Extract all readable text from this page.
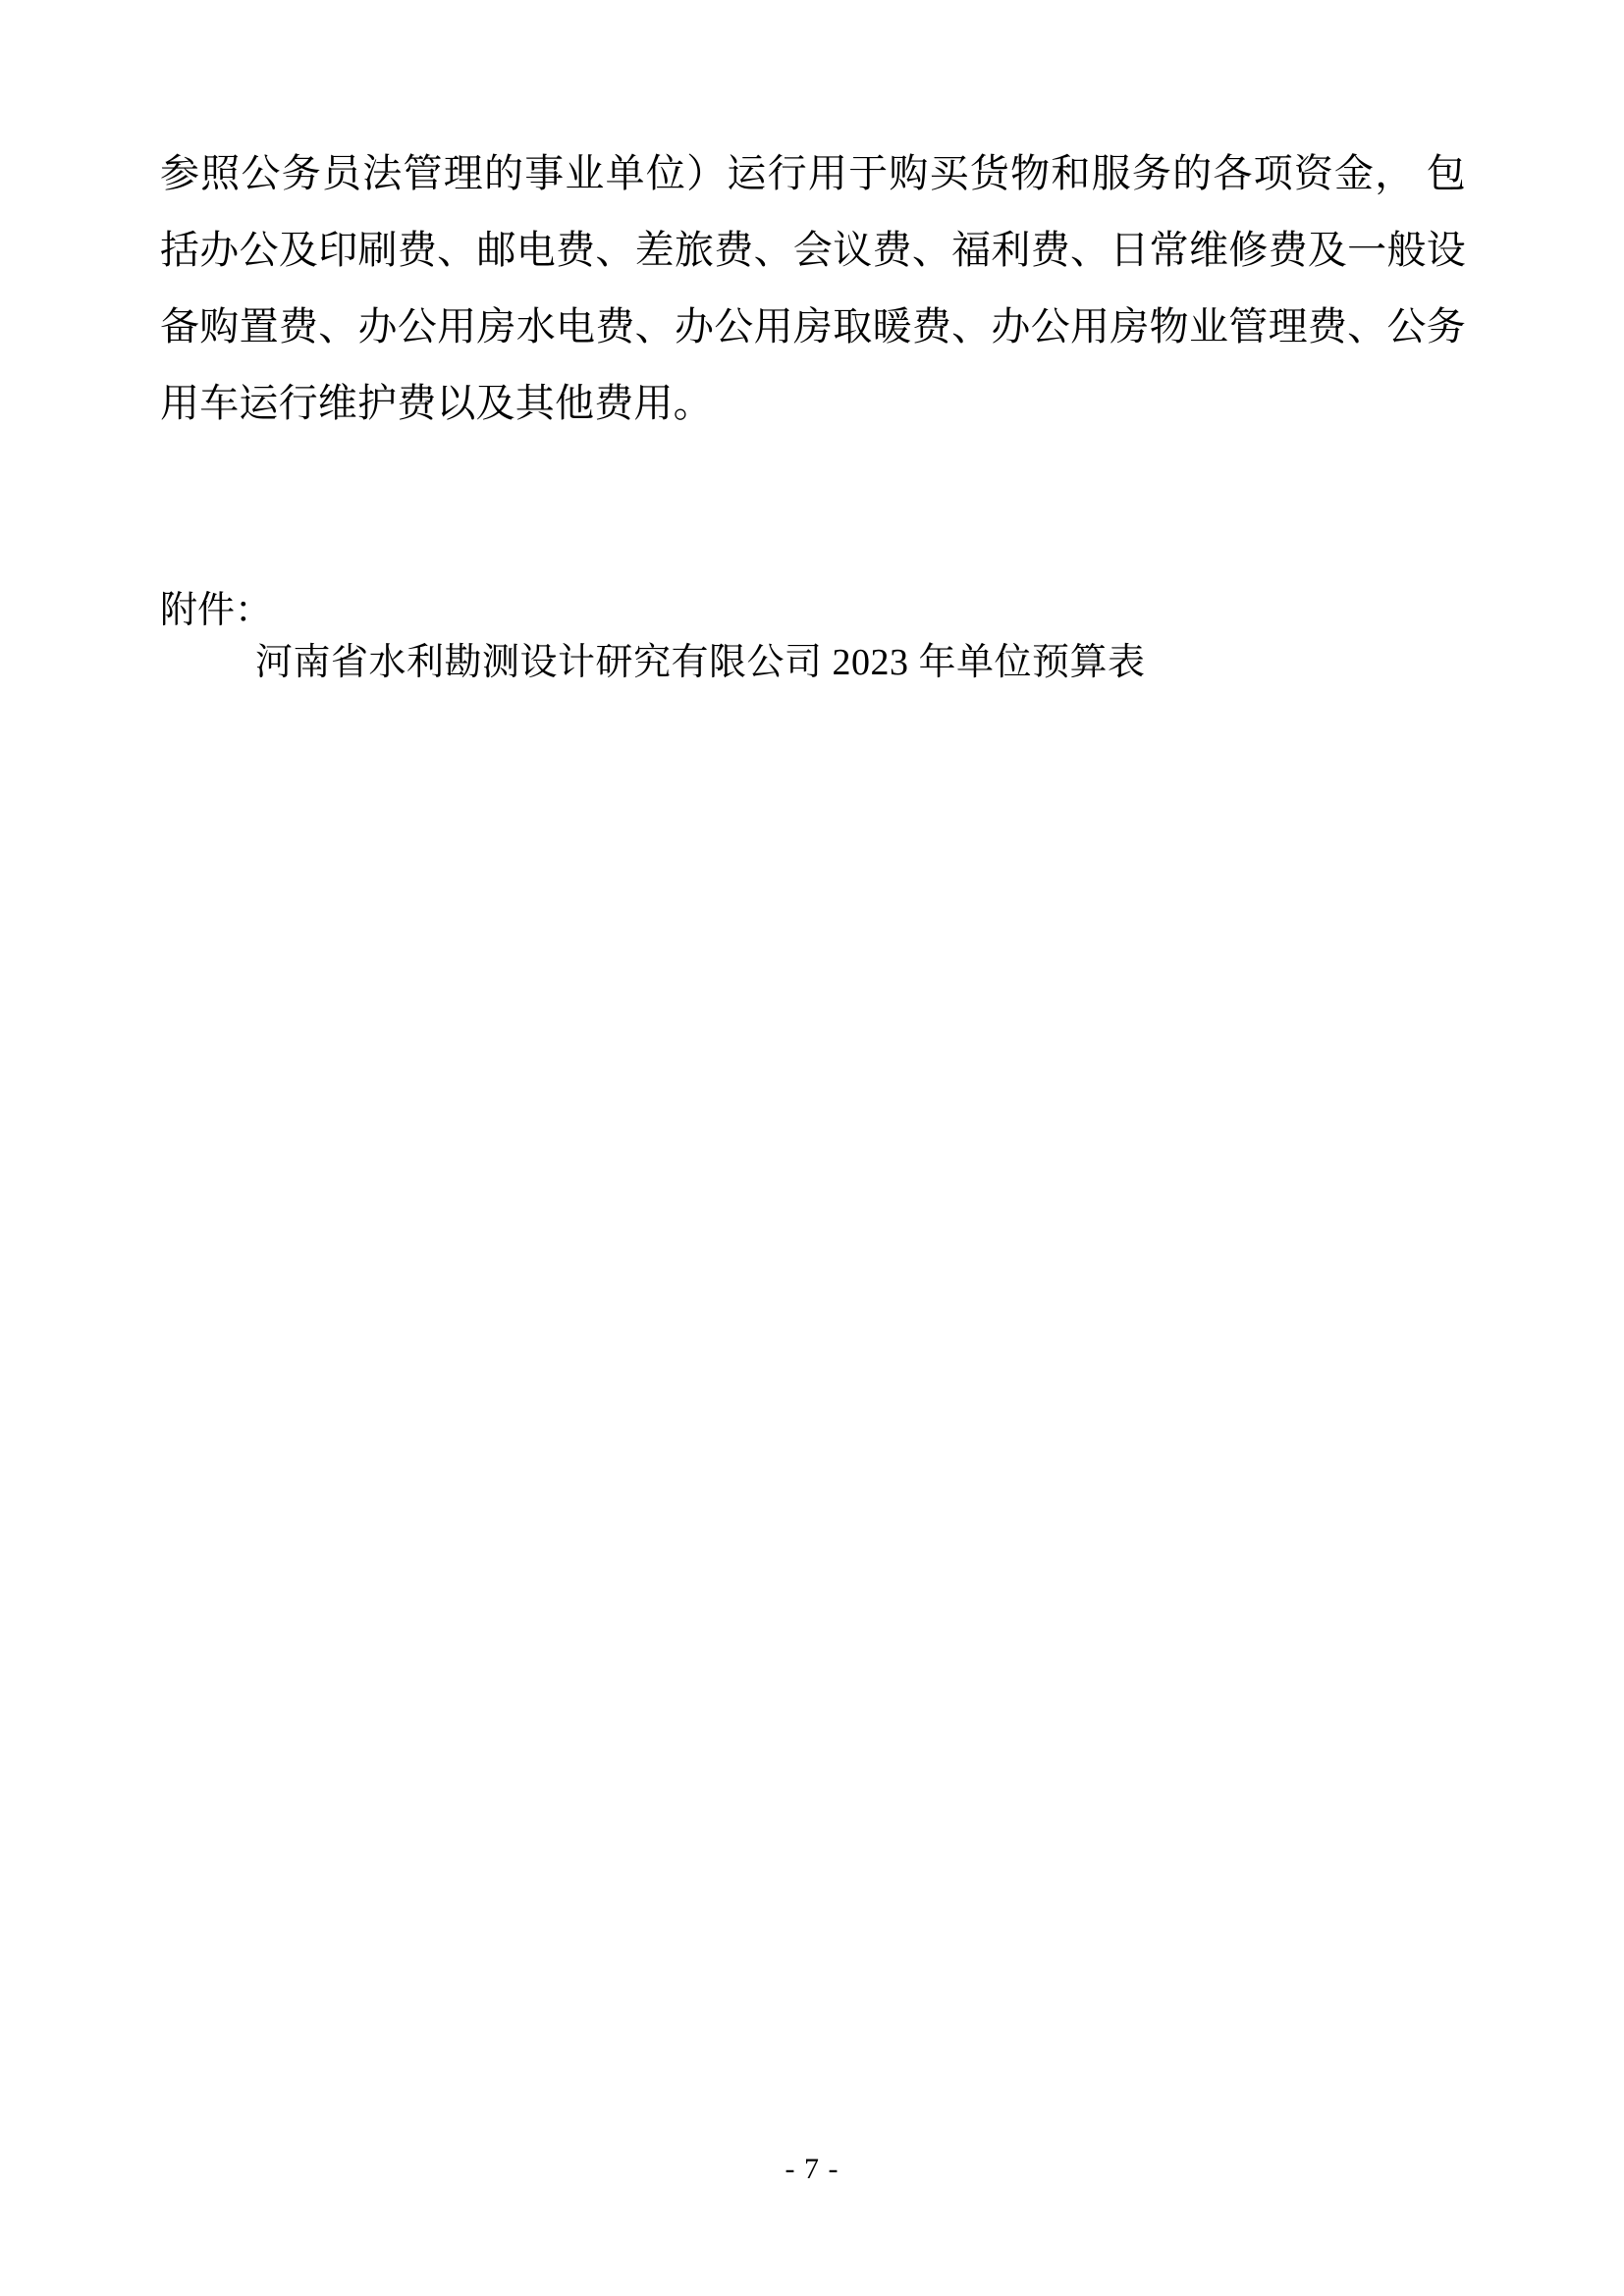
参照公务员法管理的事业单位）运行用于购买货物和服务的各项资金， 包括办公及印刷费、邮电费、差旅费、会议费、福利费、日常维修费及一般设备购置费、办公用房水电费、办公用房取暖费、办公用房物业管理费、公务用车运行维护费以及其他费用。

附件：
河南省水利勘测设计研究有限公司 2023 年单位预算表
- 7 -
